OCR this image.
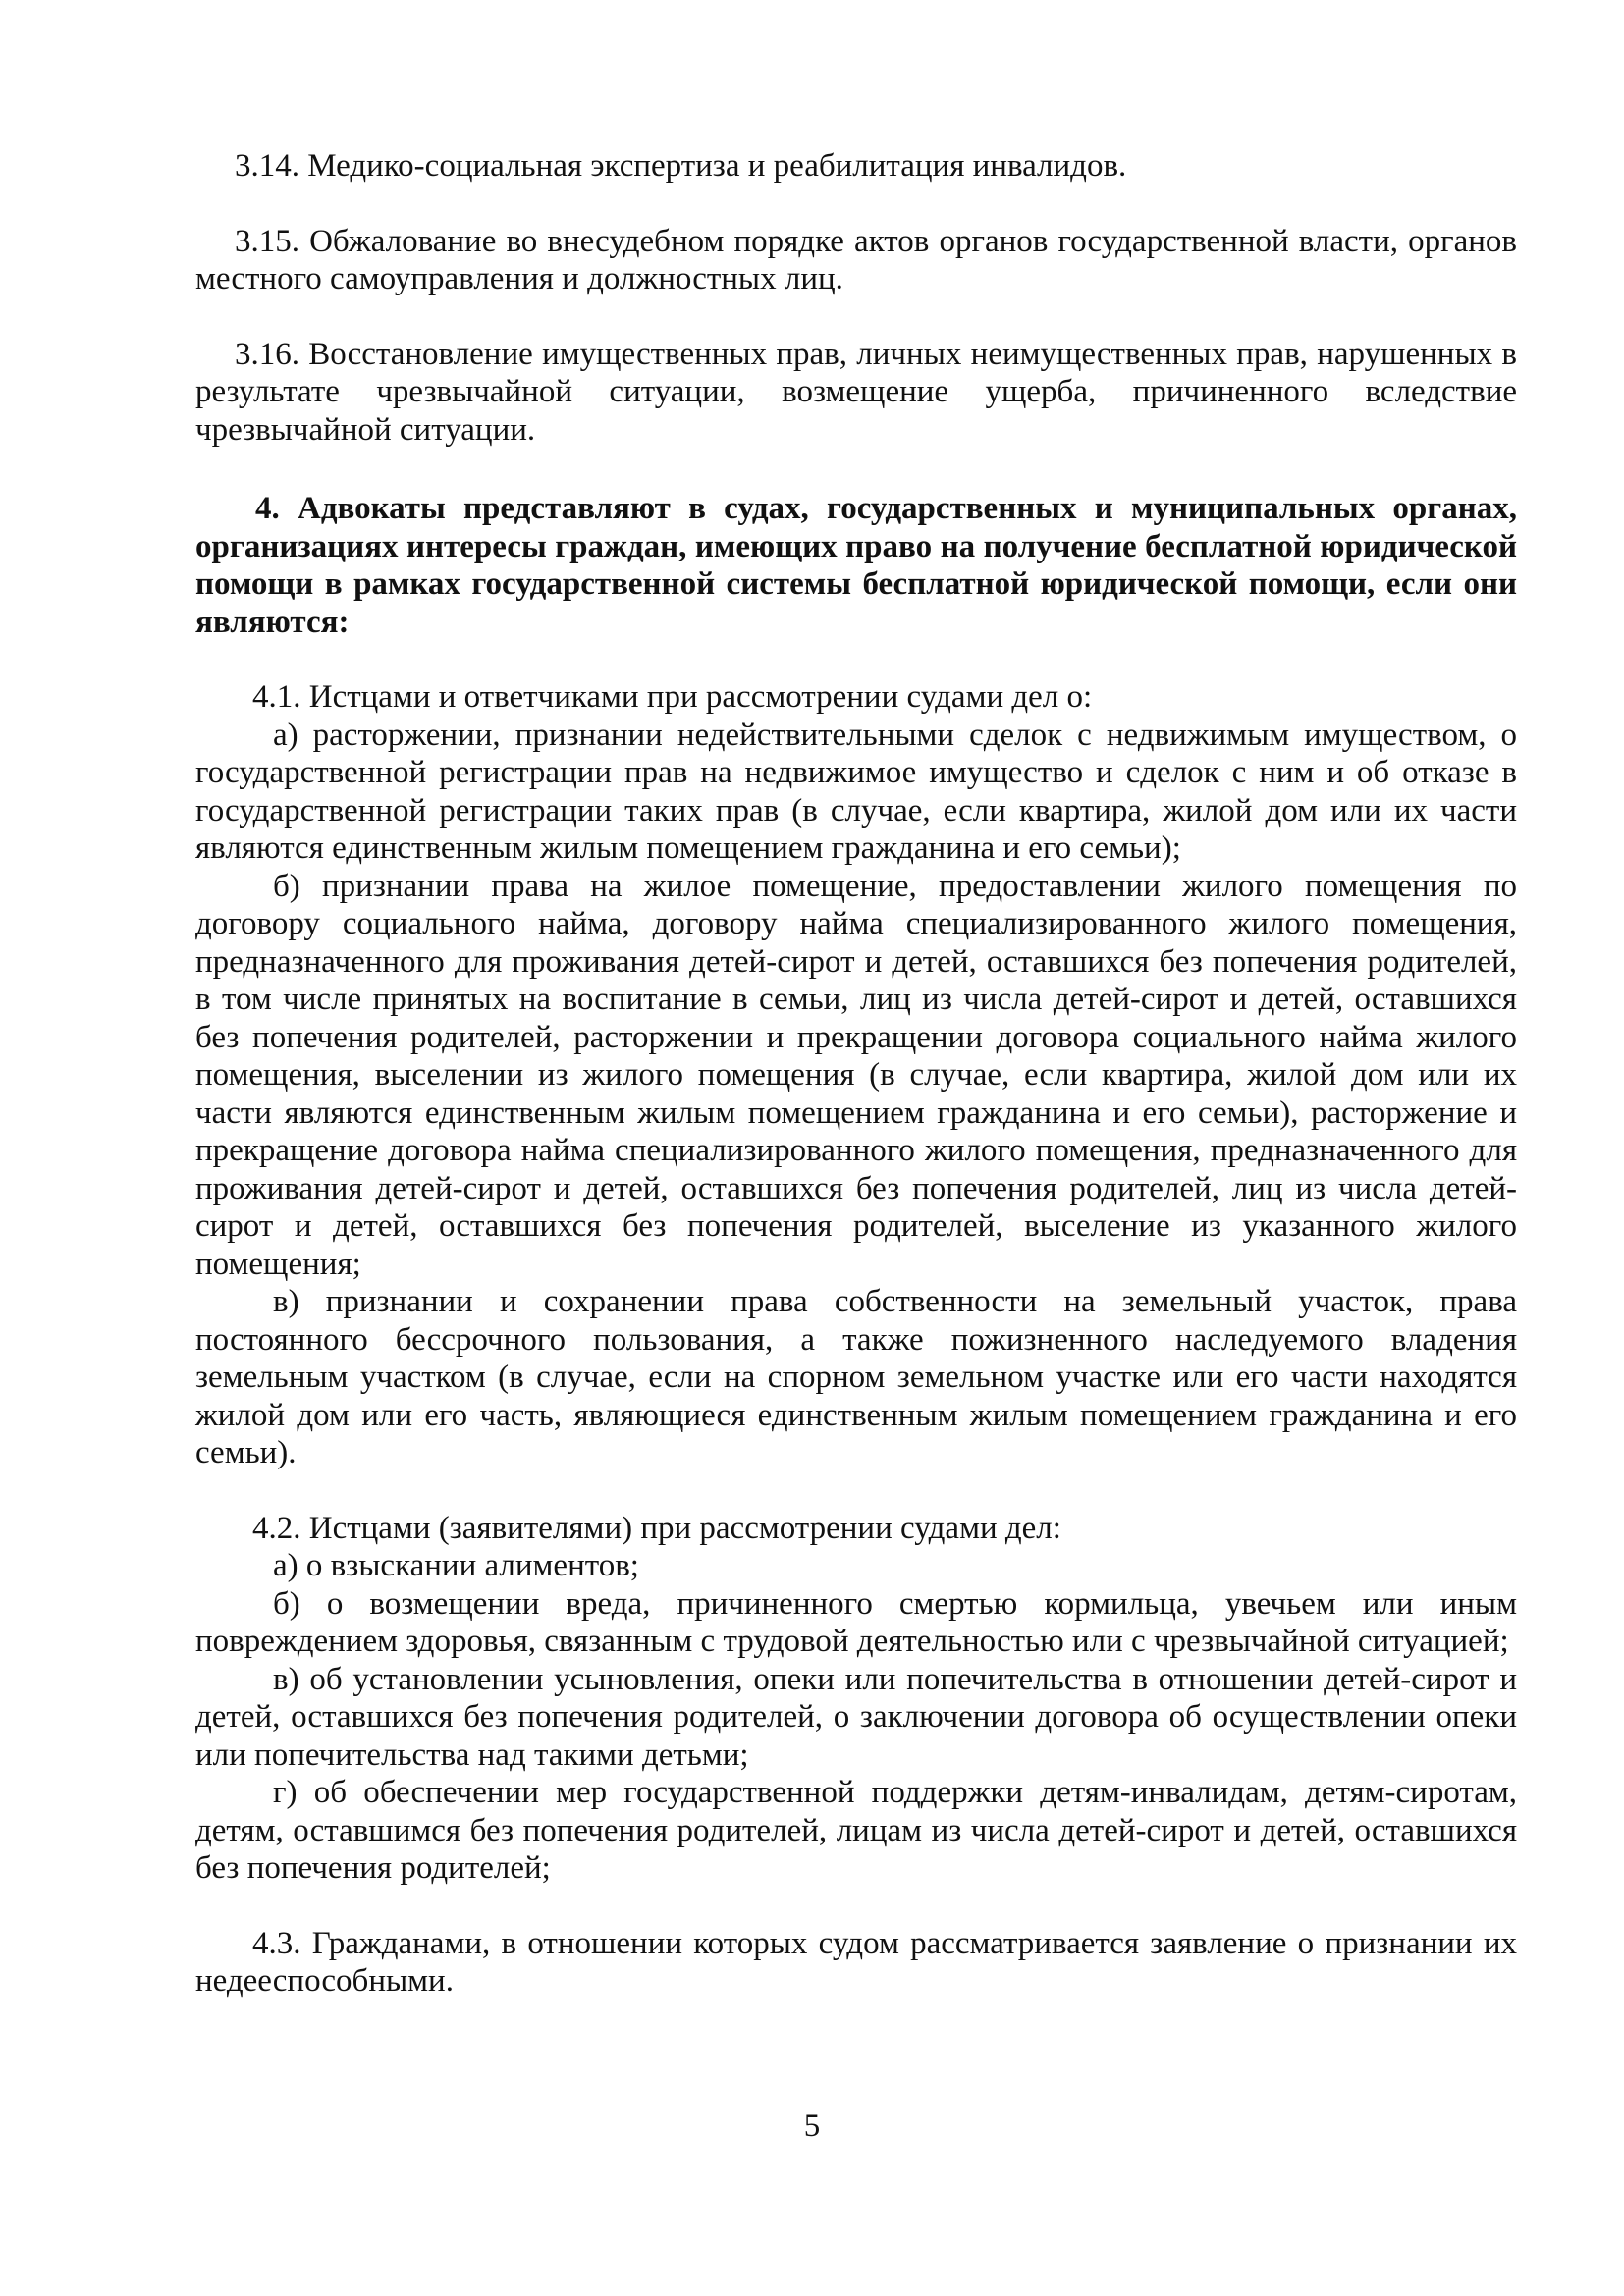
3.14. Медико-социальная экспертиза и реабилитация инвалидов.

3.15. Обжалование во внесудебном порядке актов органов государственной власти, органов местного самоуправления и должностных лиц.

3.16. Восстановление имущественных прав, личных неимущественных прав, нарушенных в результате чрезвычайной ситуации, возмещение ущерба, причиненного вследствие чрезвычайной ситуации.

4. Адвокаты представляют в судах, государственных и муниципальных органах, организациях интересы граждан, имеющих право на получение бесплатной юридической помощи в рамках государственной системы бесплатной юридической помощи, если они являются:

4.1. Истцами и ответчиками при рассмотрении судами дел о:

а) расторжении, признании недействительными сделок с недвижимым имуществом, о государственной регистрации прав на недвижимое имущество и сделок с ним и об отказе в государственной регистрации таких прав (в случае, если квартира, жилой дом или их части являются единственным жилым помещением гражданина и его семьи);

б) признании права на жилое помещение, предоставлении жилого помещения по договору социального найма, договору найма специализированного жилого помещения, предназначенного для проживания детей-сирот и детей, оставшихся без попечения родителей, в том числе принятых на воспитание в семьи, лиц из числа детей-сирот и детей, оставшихся без попечения родителей, расторжении и прекращении договора социального найма жилого помещения, выселении из жилого помещения (в случае, если квартира, жилой дом или их части являются единственным жилым помещением гражданина и его семьи), расторжение и прекращение договора найма специализированного жилого помещения, предназначенного для проживания детей-сирот и детей, оставшихся без попечения родителей, лиц из числа детей-сирот и детей, оставшихся без попечения родителей, выселение из указанного жилого помещения;

в) признании и сохранении права собственности на земельный участок, права постоянного бессрочного пользования, а также пожизненного наследуемого владения земельным участком (в случае, если на спорном земельном участке или его части находятся жилой дом или его часть, являющиеся единственным жилым помещением гражданина и его семьи).

4.2. Истцами (заявителями) при рассмотрении судами дел:

а) о взыскании алиментов;

б) о возмещении вреда, причиненного смертью кормильца, увечьем или иным повреждением здоровья, связанным с трудовой деятельностью или с чрезвычайной ситуацией;

в) об установлении усыновления, опеки или попечительства в отношении детей-сирот и детей, оставшихся без попечения родителей, о заключении договора об осуществлении опеки или попечительства над такими детьми;

г) об обеспечении мер государственной поддержки детям-инвалидам, детям-сиротам, детям, оставшимся без попечения родителей, лицам из числа детей-сирот и детей, оставшихся без попечения родителей;

4.3. Гражданами, в отношении которых судом рассматривается заявление о признании их недееспособными.

5
